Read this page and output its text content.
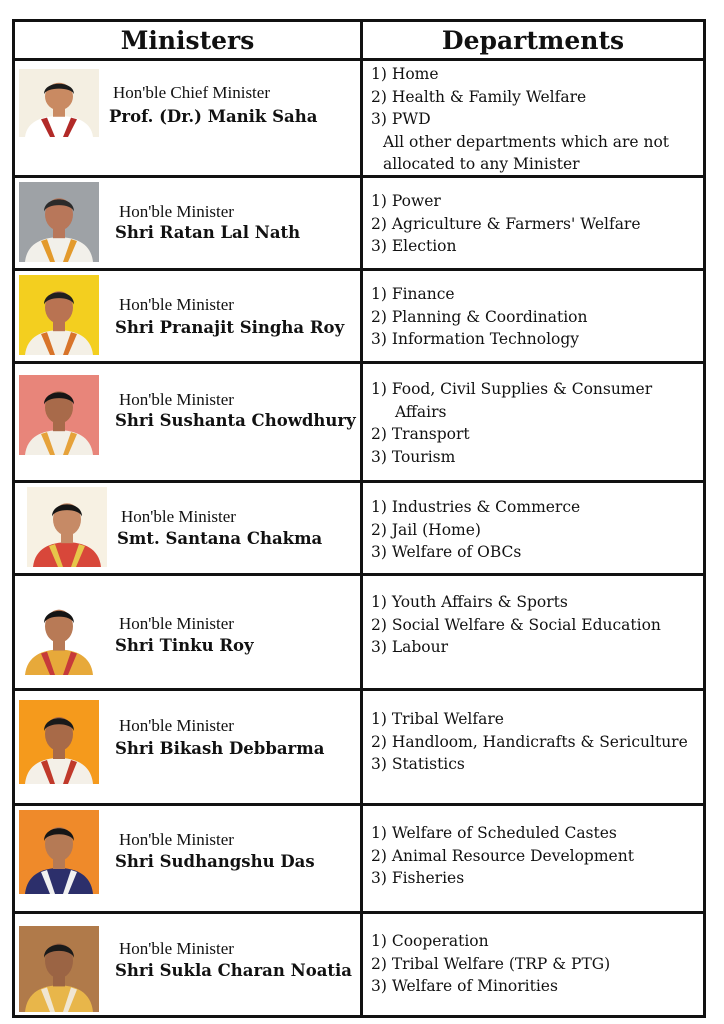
Ministers	Departments
Hon'ble Chief Minister
Prof. (Dr.) Manik Saha
1) Home
2) Health & Family Welfare
3) PWD
All other departments which are not
allocated to any Minister
Hon'ble Minister
Shri Ratan Lal Nath
1) Power
2) Agriculture & Farmers' Welfare
3) Election
Hon'ble Minister
Shri Pranajit Singha Roy
1) Finance
2) Planning & Coordination
3) Information Technology
Hon'ble Minister
Shri Sushanta Chowdhury
1) Food, Civil Supplies & Consumer
Affairs
2) Transport
3) Tourism
Hon'ble Minister
Smt. Santana Chakma
1) Industries & Commerce
2) Jail (Home)
3) Welfare of OBCs
Hon'ble Minister
Shri Tinku Roy
1) Youth Affairs & Sports
2) Social Welfare & Social Education
3) Labour
Hon'ble Minister
Shri Bikash Debbarma
1) Tribal Welfare
2) Handloom, Handicrafts & Sericulture
3) Statistics
Hon'ble Minister
Shri Sudhangshu Das
1) Welfare of Scheduled Castes
2) Animal Resource Development
3) Fisheries
Hon'ble Minister
Shri Sukla Charan Noatia
1) Cooperation
2) Tribal Welfare (TRP & PTG)
3) Welfare of Minorities
